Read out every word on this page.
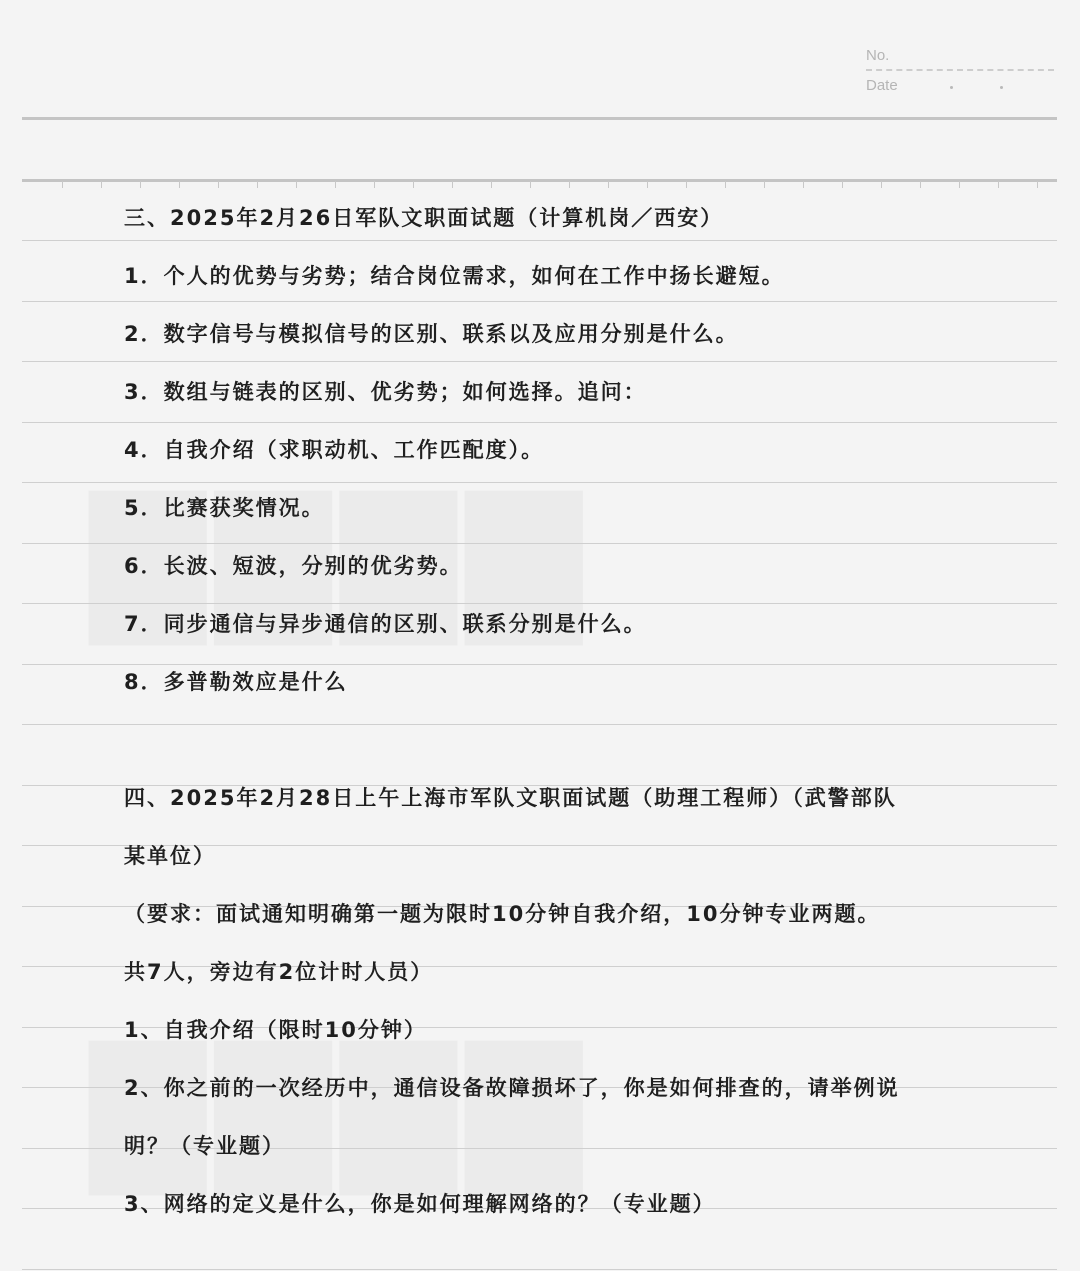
No.
Date
三、2025年2月26日军队文职面试题（计算机岗／西安）
1．个人的优势与劣势；结合岗位需求，如何在工作中扬长避短。
2．数字信号与模拟信号的区别、联系以及应用分别是什么。
3．数组与链表的区别、优劣势；如何选择。追问：
4．自我介绍（求职动机、工作匹配度）。
5．比赛获奖情况。
6．长波、短波，分别的优劣势。
7．同步通信与异步通信的区别、联系分别是什么。
8．多普勒效应是什么
四、2025年2月28日上午上海市军队文职面试题（助理工程师）（武警部队
某单位）
（要求：面试通知明确第一题为限时10分钟自我介绍，10分钟专业两题。
共7人，旁边有2位计时人员）
1、自我介绍（限时10分钟）
2、你之前的一次经历中，通信设备故障损坏了，你是如何排查的，请举例说
明？（专业题）
3、网络的定义是什么，你是如何理解网络的？（专业题）
